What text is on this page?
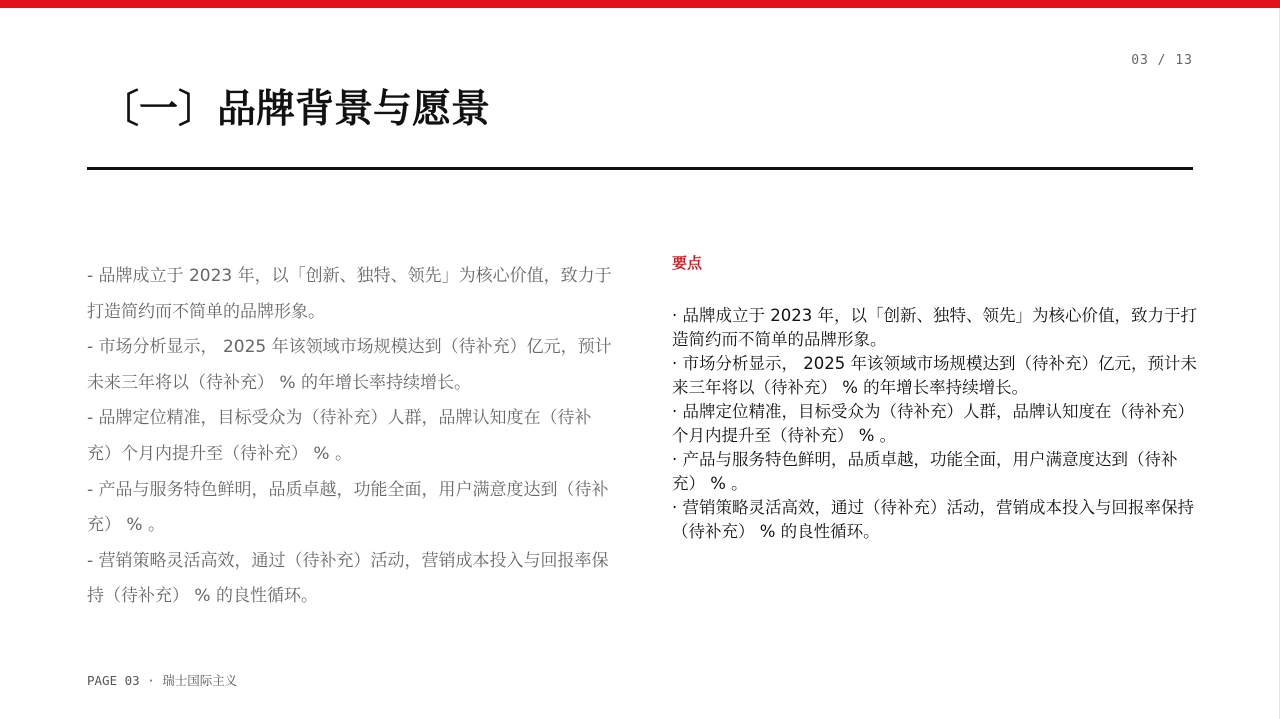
03 / 13
〔一〕品牌背景与愿景

- 品牌成立于 2023 年，以「创新、独特、领先」为核心价值，致力于打造简约而不简单的品牌形象。

- 市场分析显示， 2025 年该领域市场规模达到（待补充）亿元，预计未来三年将以（待补充） % 的年增长率持续增长。

- 品牌定位精准，目标受众为（待补充）人群，品牌认知度在（待补充）个月内提升至（待补充） % 。

- 产品与服务特色鲜明，品质卓越，功能全面，用户满意度达到（待补充） % 。

- 营销策略灵活高效，通过（待补充）活动，营销成本投入与回报率保持（待补充） % 的良性循环。

要点
· 品牌成立于 2023 年，以「创新、独特、领先」为核心价值，致力于打造简约而不简单的品牌形象。
· 市场分析显示， 2025 年该领域市场规模达到（待补充）亿元，预计未来三年将以（待补充） % 的年增长率持续增长。
· 品牌定位精准，目标受众为（待补充）人群，品牌认知度在（待补充）个月内提升至（待补充） % 。
· 产品与服务特色鲜明，品质卓越，功能全面，用户满意度达到（待补充） % 。
· 营销策略灵活高效，通过（待补充）活动，营销成本投入与回报率保持（待补充） % 的良性循环。
PAGE 03 · 瑞士国际主义
